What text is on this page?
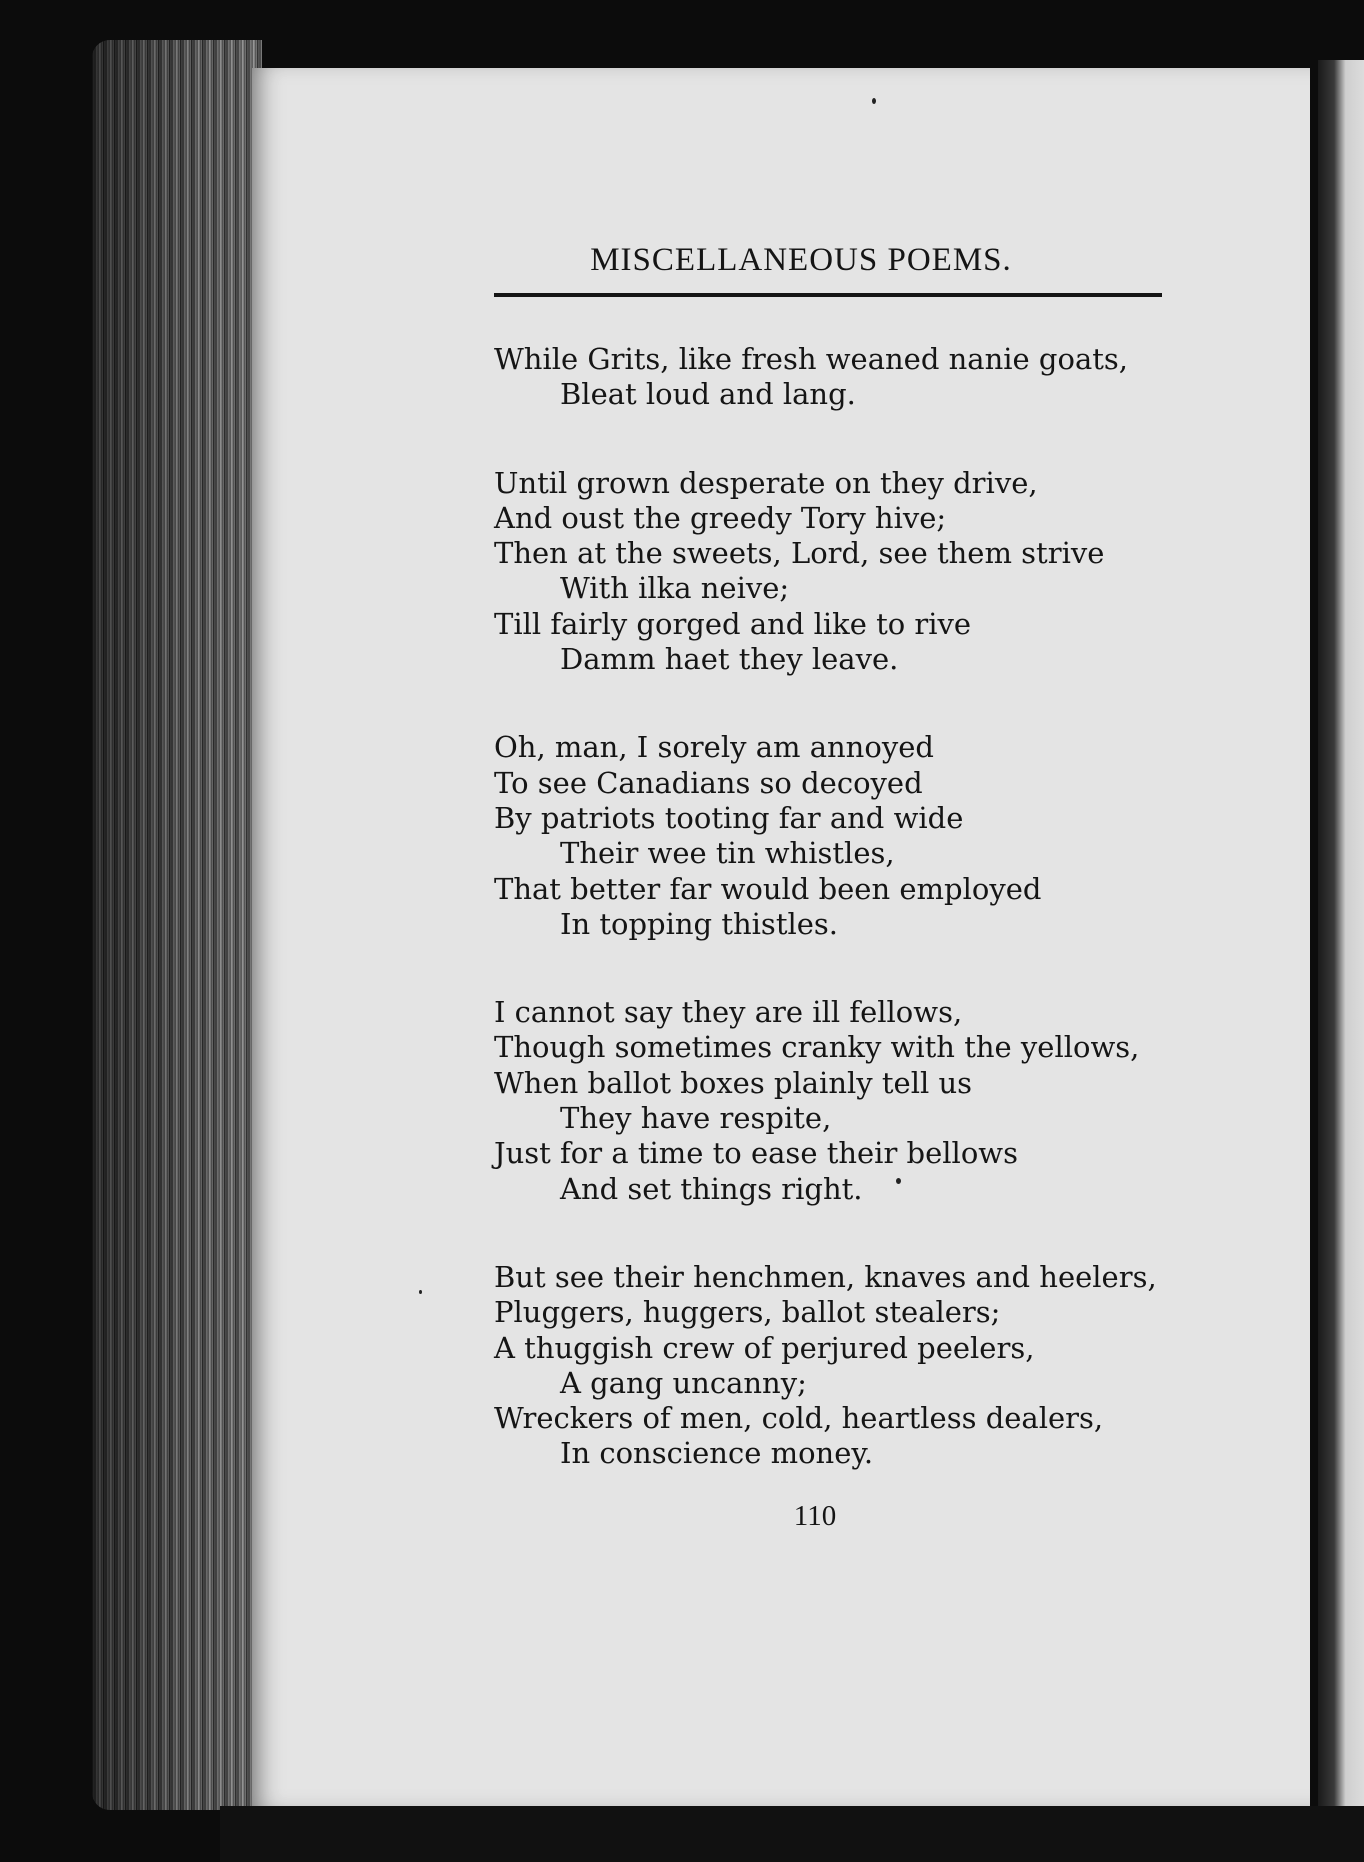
MISCELLANEOUS POEMS.
While Grits, like fresh weaned nanie goats,
Bleat loud and lang.
Until grown desperate on they drive,
And oust the greedy Tory hive;
Then at the sweets, Lord, see them strive
With ilka neive;
Till fairly gorged and like to rive
Damm haet they leave.
Oh, man, I sorely am annoyed
To see Canadians so decoyed
By patriots tooting far and wide
Their wee tin whistles,
That better far would been employed
In topping thistles.
I cannot say they are ill fellows,
Though sometimes cranky with the yellows,
When ballot boxes plainly tell us
They have respite,
Just for a time to ease their bellows
And set things right.
But see their henchmen, knaves and heelers,
Pluggers, huggers, ballot stealers;
A thuggish crew of perjured peelers,
A gang uncanny;
Wreckers of men, cold, heartless dealers,
In conscience money.
110
